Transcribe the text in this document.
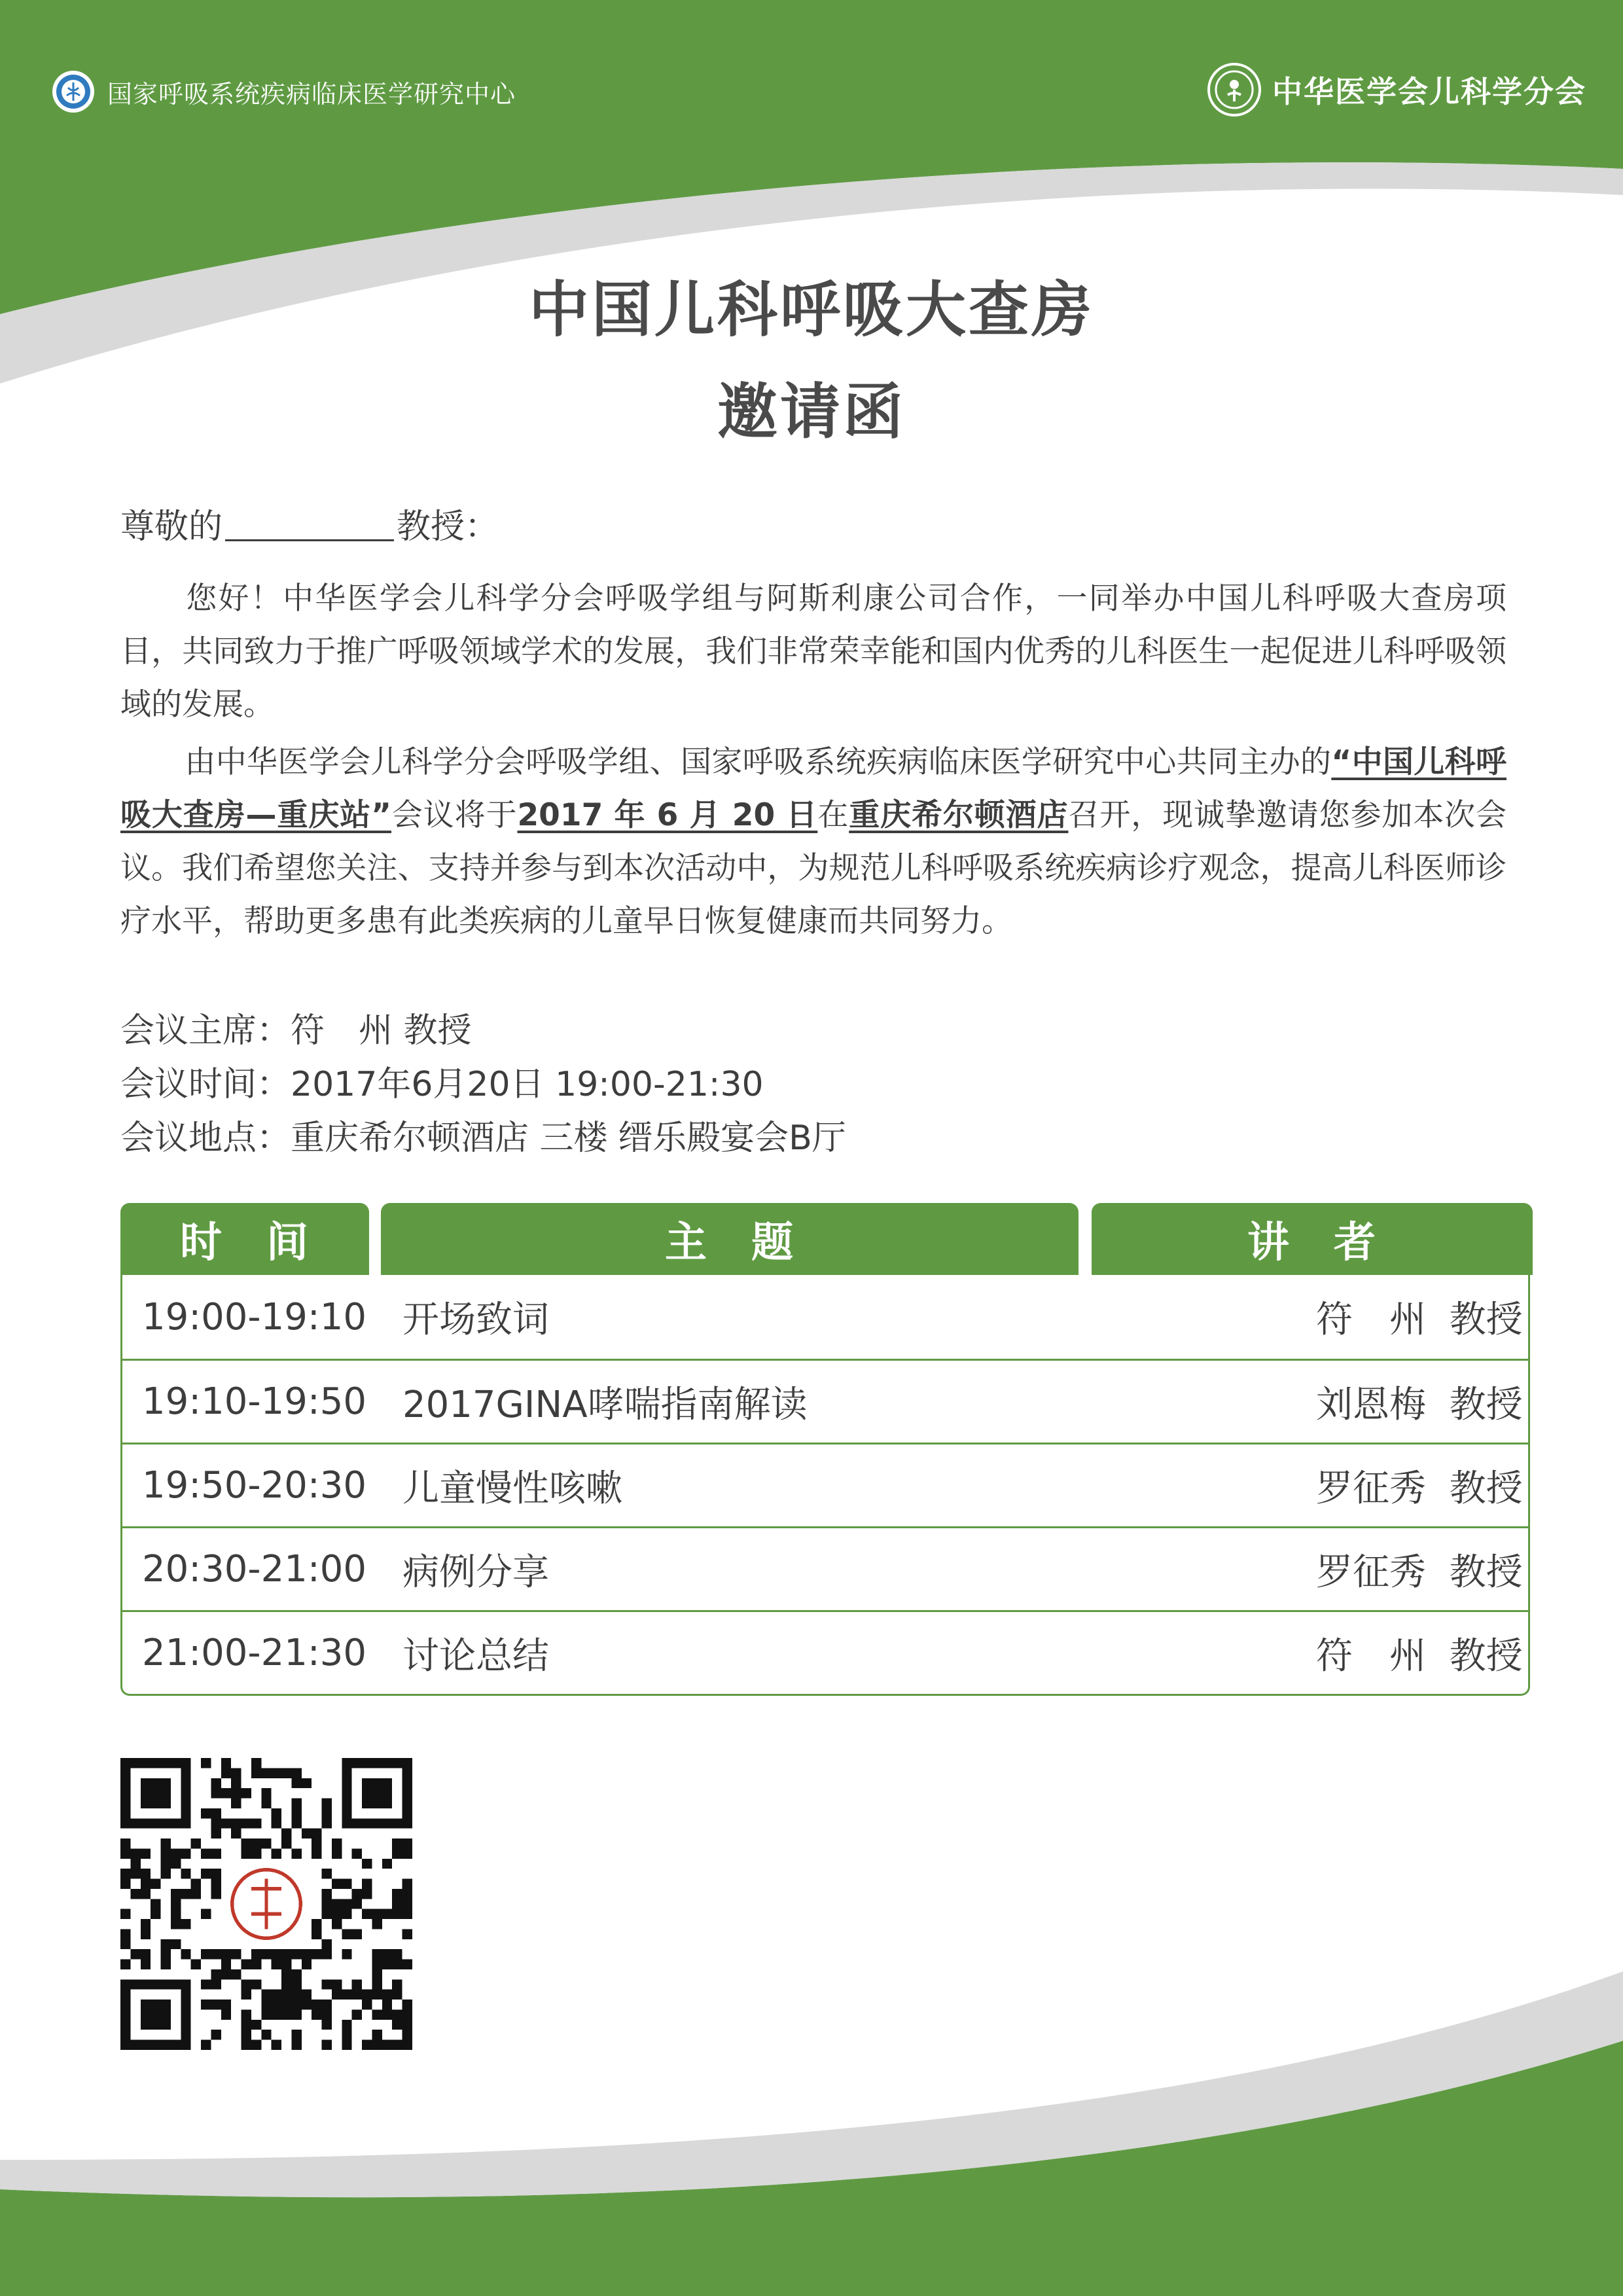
国家呼吸系统疾病临床医学研究中心	中华医学会儿科学分会
中国儿科呼吸大查房
邀请函
尊敬的	教授：
您好！中华医学会儿科学分会呼吸学组与阿斯利康公司合作，一同举办中国儿科呼吸大查房项目，共同致力于推广呼吸领域学术的发展，我们非常荣幸能和国内优秀的儿科医生一起促进儿科呼吸领域的发展。
由中华医学会儿科学分会呼吸学组、国家呼吸系统疾病临床医学研究中心共同主办的“中国儿科呼吸大查房—重庆站”会议将于2017 年 6 月 20 日在重庆希尔顿酒店召开，现诚挚邀请您参加本次会议。我们希望您关注、支持并参与到本次活动中，为规范儿科呼吸系统疾病诊疗观念，提高儿科医师诊疗水平，帮助更多患有此类疾病的儿童早日恢复健康而共同努力。
会议主席： 符　州 教授
会议时间： 2017年6月20日 19:00-21:30
会议地点： 重庆希尔顿酒店 三楼 缙乐殿宴会B厅
时　间	主　题	讲　者
19:00-19:10 开场致词	符　州  教授
19:10-19:50 2017GINA哮喘指南解读	刘恩梅  教授
19:50-20:30 儿童慢性咳嗽	罗征秀  教授
20:30-21:00 病例分享	罗征秀  教授
21:00-21:30 讨论总结	符　州  教授
